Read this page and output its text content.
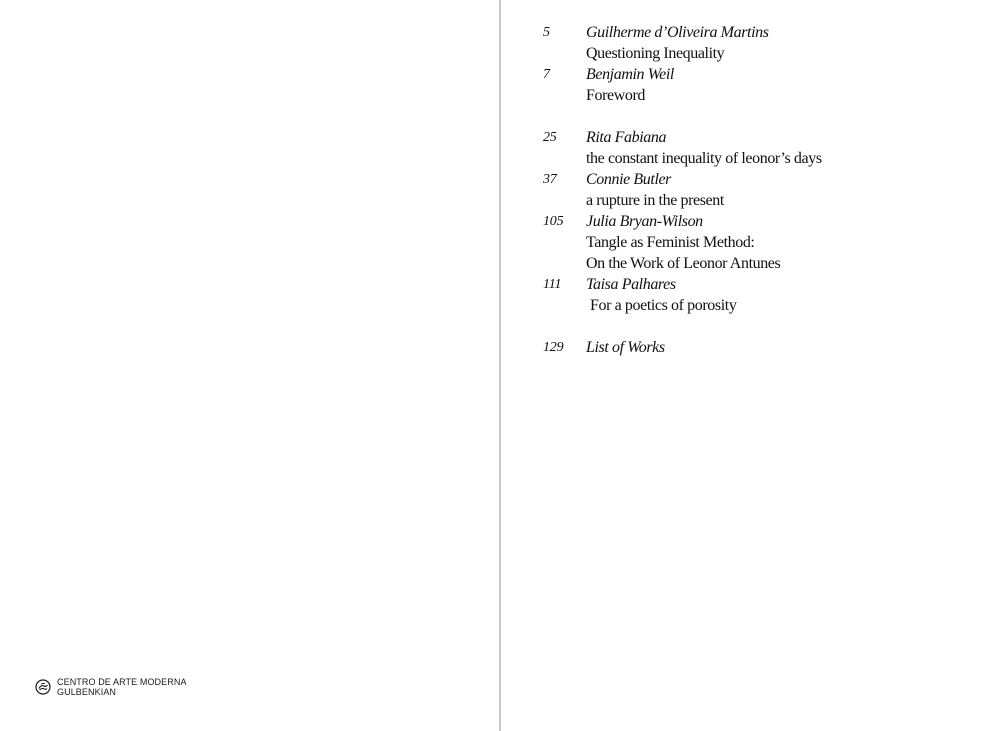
CENTRO DE ARTE MODERNA
GULBENKIAN
5	Guilherme d’Oliveira Martins
Questioning Inequality
7	Benjamin Weil
Foreword
25	Rita Fabiana
the constant inequality of leonor’s days
37	Connie Butler
a rupture in the present
105	Julia Bryan-Wilson
Tangle as Feminist Method:
On the Work of Leonor Antunes
111	Taisa Palhares
For a poetics of porosity
129	List of Works
